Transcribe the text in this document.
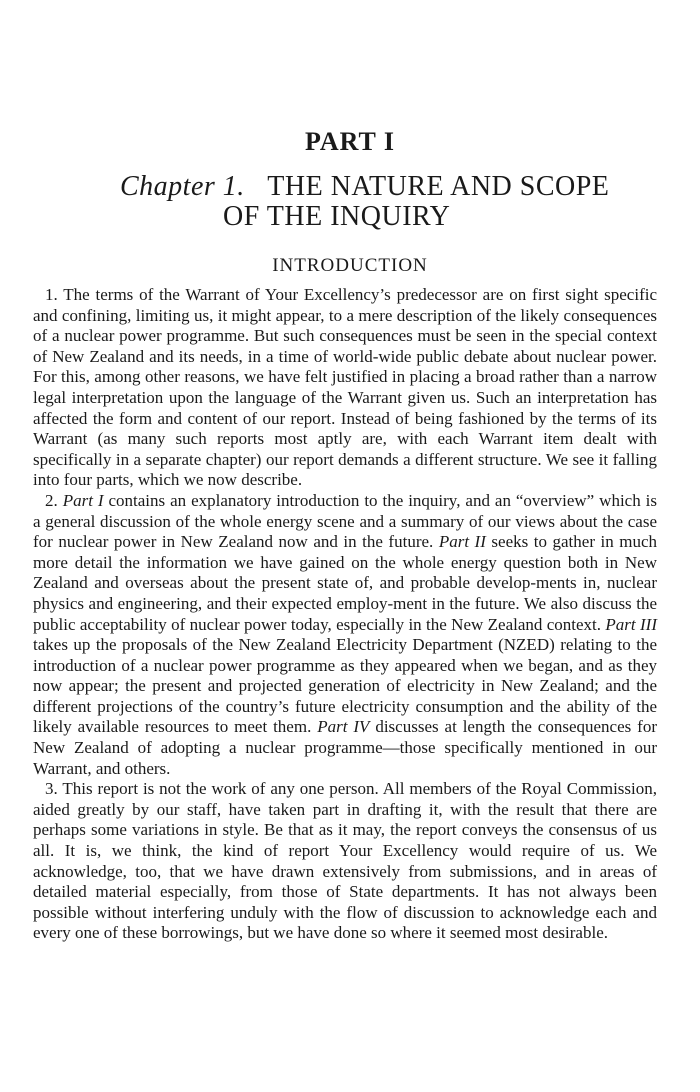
PART I
Chapter 1. THE NATURE AND SCOPE
OF THE INQUIRY
INTRODUCTION

1. The terms of the Warrant of Your Excellency’s predecessor are on first sight specific and confining, limiting us, it might appear, to a mere description of the likely consequences of a nuclear power programme. But such consequences must be seen in the special context of New Zealand and its needs, in a time of world-wide public debate about nuclear power. For this, among other reasons, we have felt justified in placing a broad rather than a narrow legal interpretation upon the language of the Warrant given us. Such an interpretation has affected the form and content of our report. Instead of being fashioned by the terms of its Warrant (as many such reports most aptly are, with each Warrant item dealt with specifically in a separate chapter) our report demands a different structure. We see it falling into four parts, which we now describe.

2. Part I contains an explanatory introduction to the inquiry, and an “overview” which is a general discussion of the whole energy scene and a summary of our views about the case for nuclear power in New Zealand now and in the future. Part II seeks to gather in much more detail the information we have gained on the whole energy question both in New Zealand and overseas about the present state of, and probable develop-ments in, nuclear physics and engineering, and their expected employ-ment in the future. We also discuss the public acceptability of nuclear power today, especially in the New Zealand context. Part III takes up the proposals of the New Zealand Electricity Department (NZED) relating to the introduction of a nuclear power programme as they appeared when we began, and as they now appear; the present and projected generation of electricity in New Zealand; and the different projections of the country’s future electricity consumption and the ability of the likely available resources to meet them. Part IV discusses at length the consequences for New Zealand of adopting a nuclear programme—those specifically mentioned in our Warrant, and others.

3. This report is not the work of any one person. All members of the Royal Commission, aided greatly by our staff, have taken part in drafting it, with the result that there are perhaps some variations in style. Be that as it may, the report conveys the consensus of us all. It is, we think, the kind of report Your Excellency would require of us. We acknowledge, too, that we have drawn extensively from submissions, and in areas of detailed material especially, from those of State departments. It has not always been possible without interfering unduly with the flow of discussion to acknowledge each and every one of these borrowings, but we have done so where it seemed most desirable.
